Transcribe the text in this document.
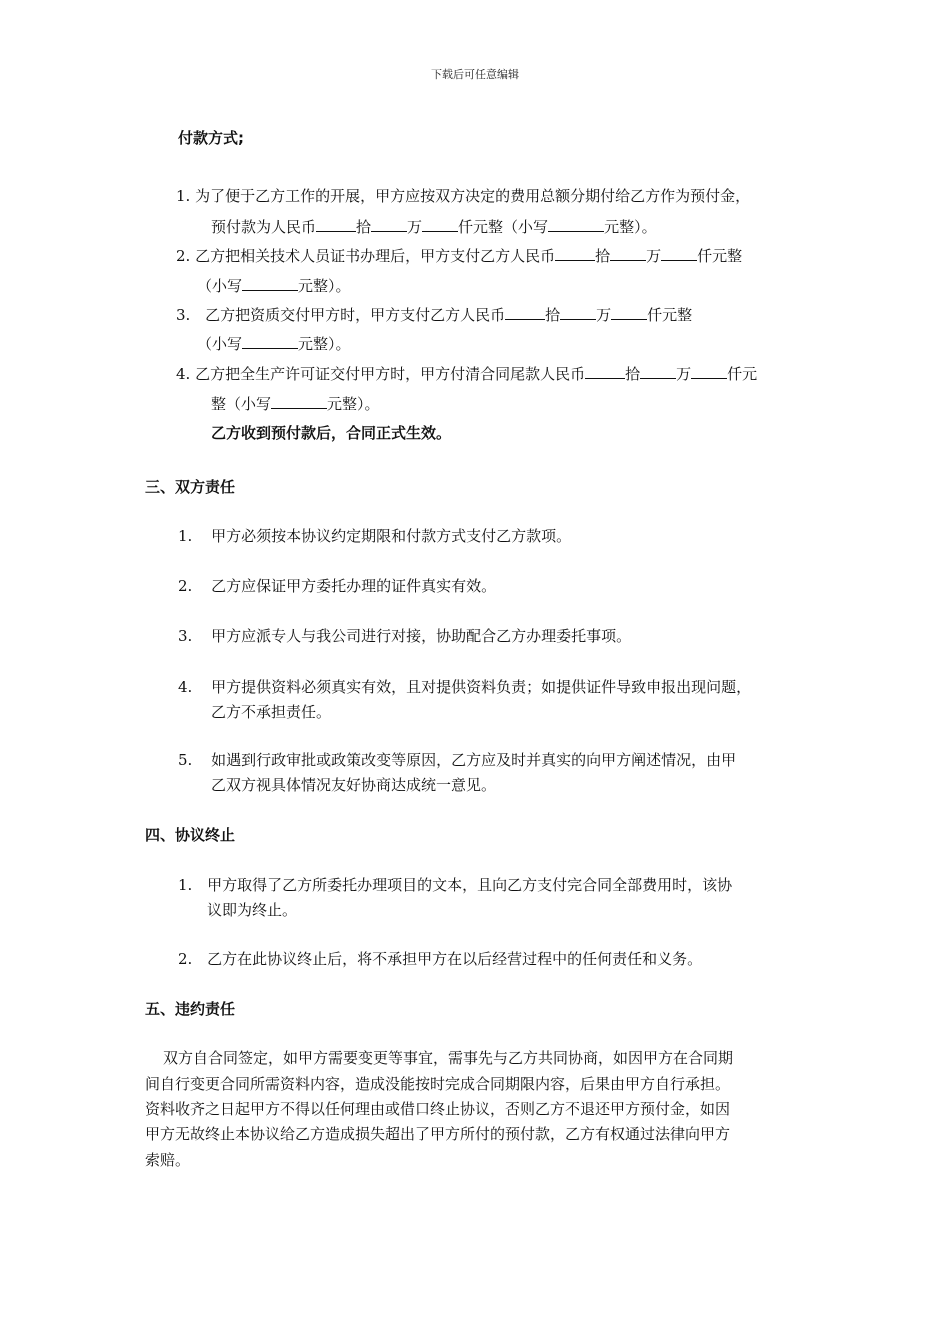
下载后可任意编辑
付款方式;
1. 为了便于乙方工作的开展，甲方应按双方决定的费用总额分期付给乙方作为预付金，
预付款为人民币	拾 万 仟元整（小写	元整）。
2. 乙方把相关技术人员证书办理后，甲方支付乙方人民币	拾 万 仟元整
（小写	元整）。
3. 乙方把资质交付甲方时，甲方支付乙方人民币	拾 万 仟元整
（小写	元整）。
4. 乙方把全生产许可证交付甲方时，甲方付清合同尾款人民币	拾 万 仟元
整（小写	元整）。
乙方收到预付款后，合同正式生效。
三、双方责任
1. 甲方必须按本协议约定期限和付款方式支付乙方款项。
2. 乙方应保证甲方委托办理的证件真实有效。
3. 甲方应派专人与我公司进行对接，协助配合乙方办理委托事项。
4. 甲方提供资料必须真实有效，且对提供资料负责；如提供证件导致申报出现问题，
乙方不承担责任。
5. 如遇到行政审批或政策改变等原因，乙方应及时并真实的向甲方阐述情况，由甲
乙双方视具体情况友好协商达成统一意见。
四、协议终止
1. 甲方取得了乙方所委托办理项目的文本，且向乙方支付完合同全部费用时，该协
议即为终止。
2. 乙方在此协议终止后，将不承担甲方在以后经营过程中的任何责任和义务。
五、违约责任
双方自合同签定，如甲方需要变更等事宜，需事先与乙方共同协商，如因甲方在合同期
间自行变更合同所需资料内容，造成没能按时完成合同期限内容，后果由甲方自行承担。
资料收齐之日起甲方不得以任何理由或借口终止协议，否则乙方不退还甲方预付金，如因
甲方无故终止本协议给乙方造成损失超出了甲方所付的预付款，乙方有权通过法律向甲方
索赔。
